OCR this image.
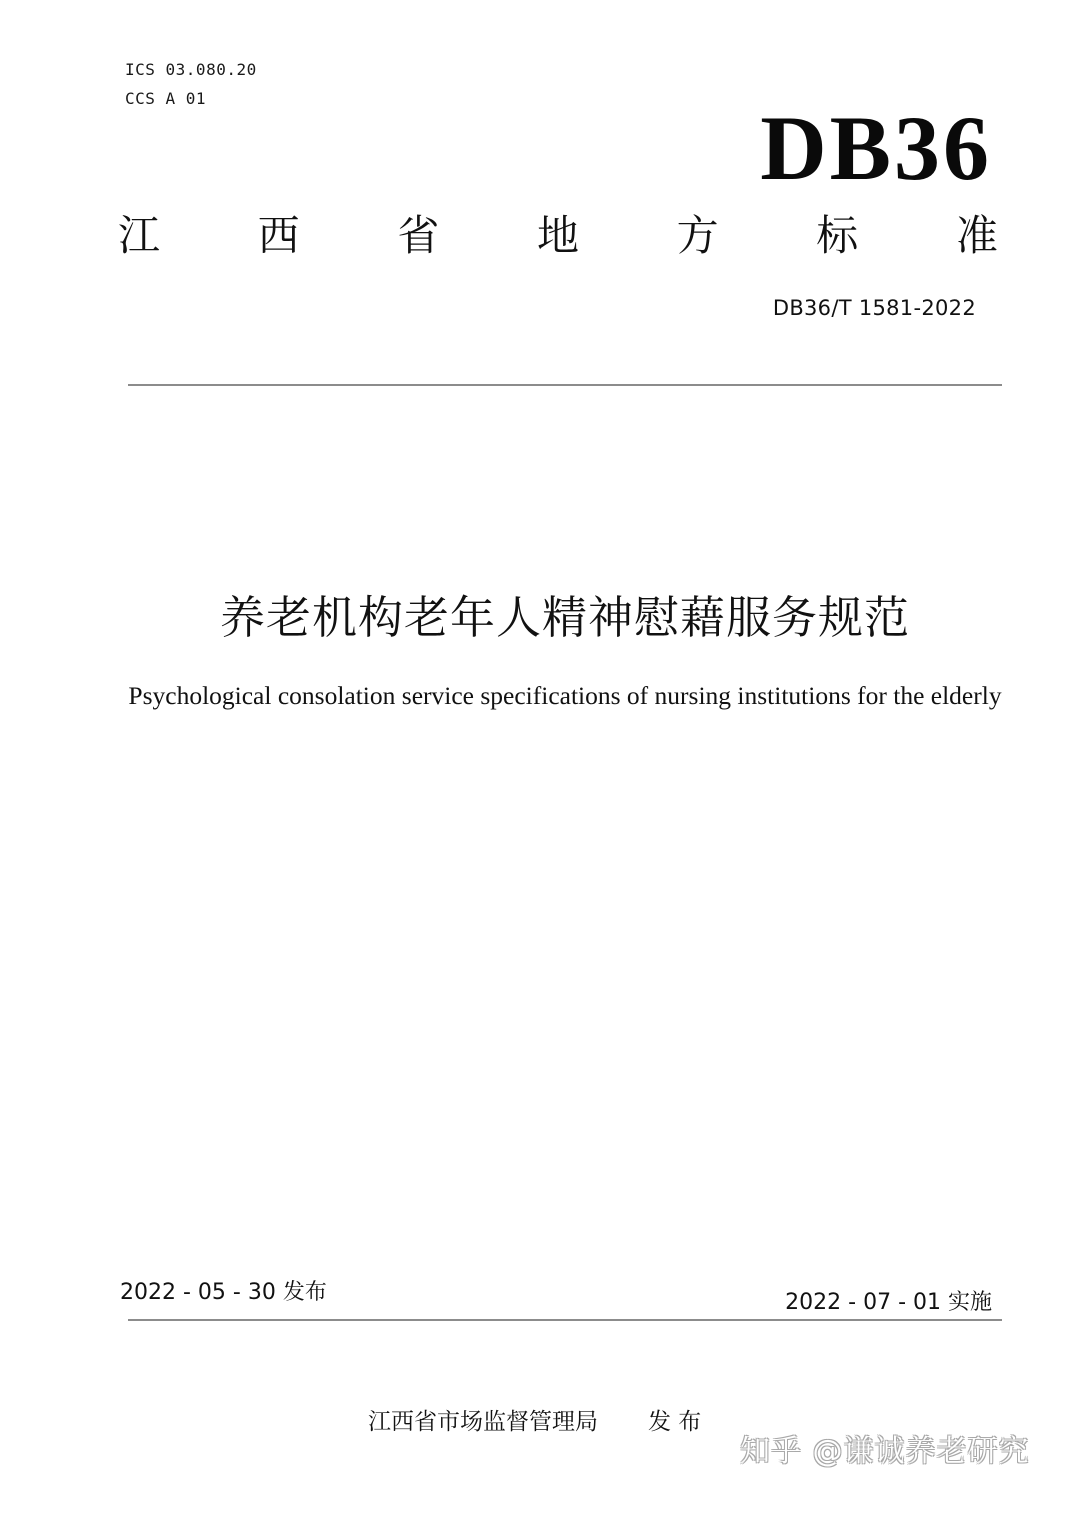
ICS 03.080.20
CCS A 01	DB36
江 西 省 地 方 标 准
DB36/T 1581-2022
养老机构老年人精神慰藉服务规范
Psychological consolation service specifications of nursing institutions for the elderly
2022 - 05 - 30 发布	2022 - 07 - 01 实施
江西省市场监督管理局 发 布
知乎 @谦诚养老研究
